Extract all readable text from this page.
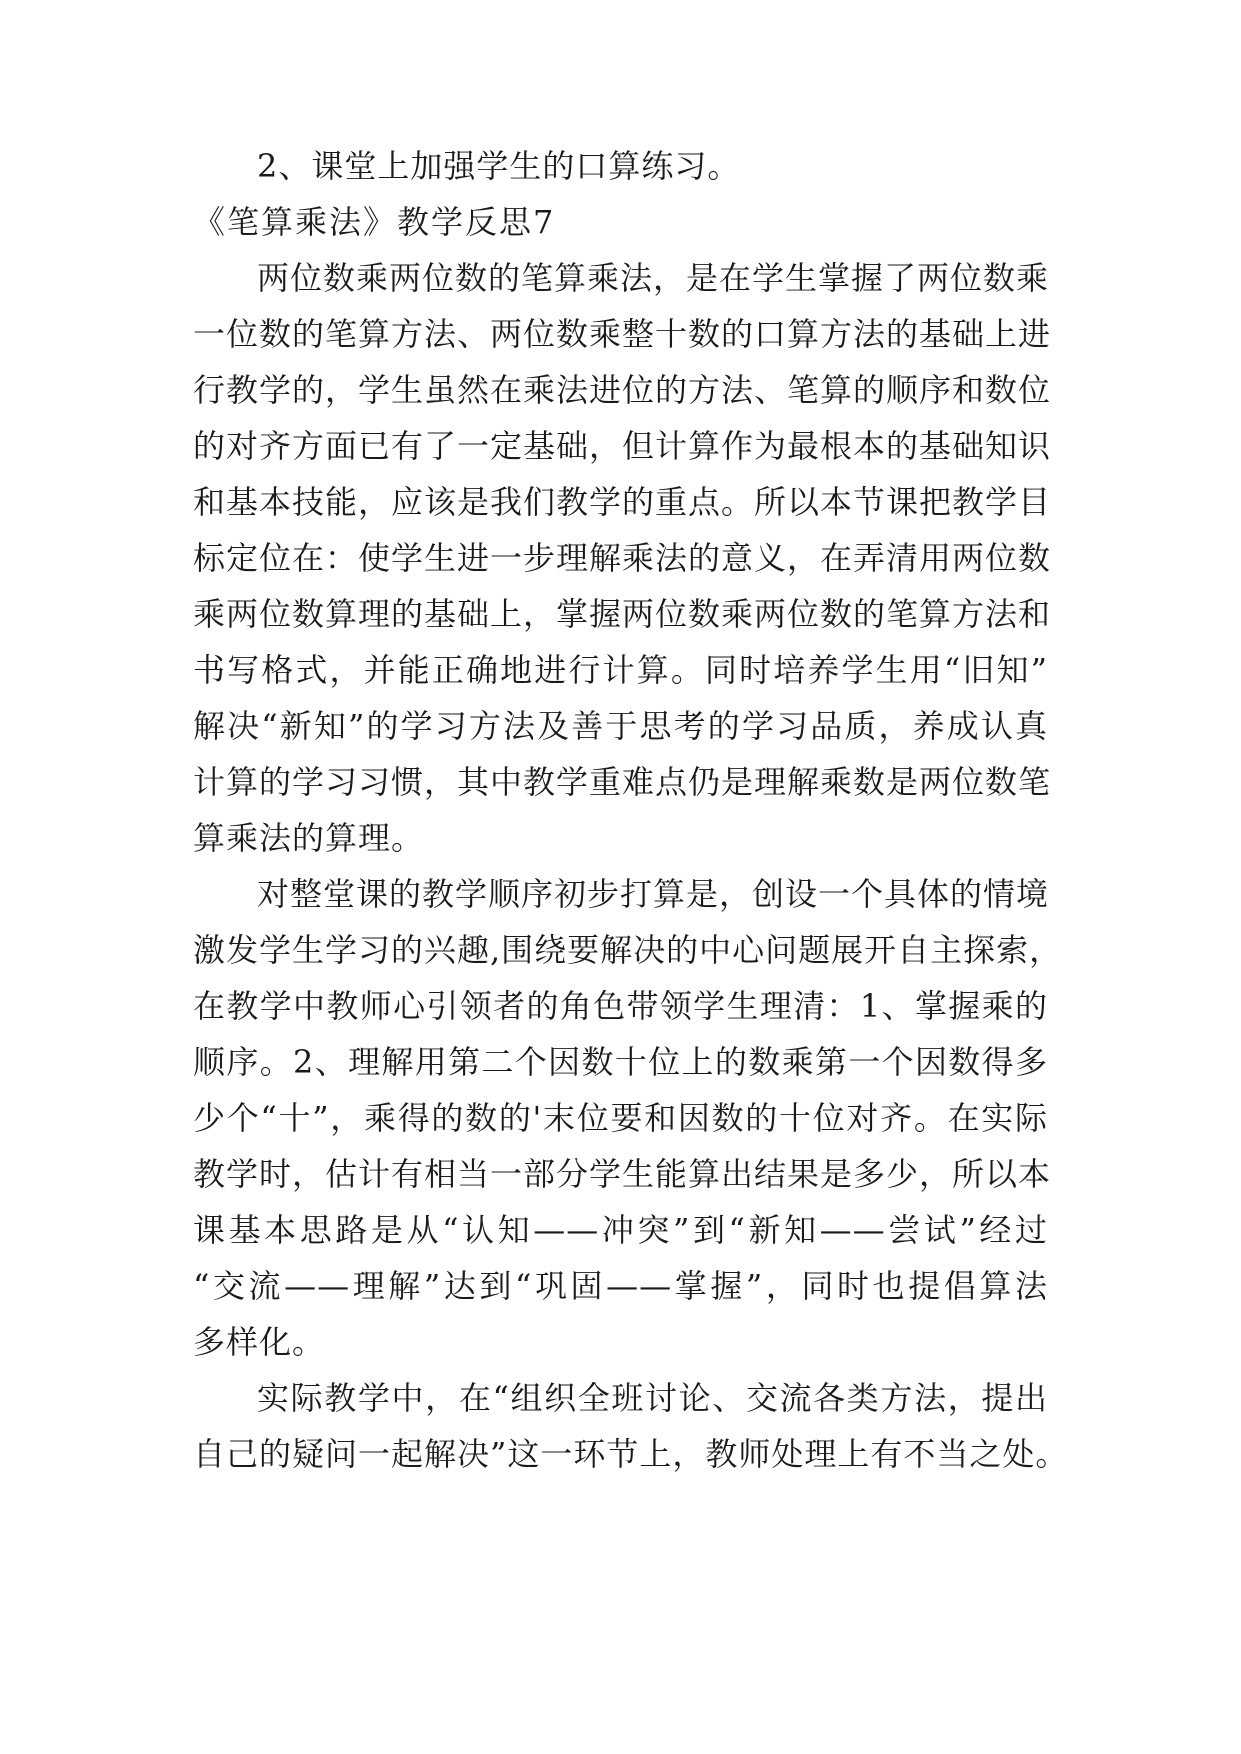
2、课堂上加强学生的口算练习。
《笔算乘法》教学反思7
两位数乘两位数的笔算乘法，是在学生掌握了两位数乘
一位数的笔算方法、两位数乘整十数的口算方法的基础上进
行教学的，学生虽然在乘法进位的方法、笔算的顺序和数位
的对齐方面已有了一定基础，但计算作为最根本的基础知识
和基本技能，应该是我们教学的重点。所以本节课把教学目
标定位在：使学生进一步理解乘法的意义，在弄清用两位数
乘两位数算理的基础上，掌握两位数乘两位数的笔算方法和
书写格式，并能正确地进行计算。同时培养学生用“旧知”
解决“新知”的学习方法及善于思考的学习品质，养成认真
计算的学习习惯，其中教学重难点仍是理解乘数是两位数笔
算乘法的算理。
对整堂课的教学顺序初步打算是，创设一个具体的情境
激发学生学习的兴趣,围绕要解决的中心问题展开自主探索，
在教学中教师心引领者的角色带领学生理清：1、掌握乘的
顺序。2、理解用第二个因数十位上的数乘第一个因数得多
少个“十”，乘得的数的'末位要和因数的十位对齐。在实际
教学时，估计有相当一部分学生能算出结果是多少，所以本
课基本思路是从“认知——冲突”到“新知——尝试”经过
“交流——理解”达到“巩固——掌握”，同时也提倡算法
多样化。
实际教学中，在“组织全班讨论、交流各类方法，提出
自己的疑问一起解决”这一环节上，教师处理上有不当之处。
